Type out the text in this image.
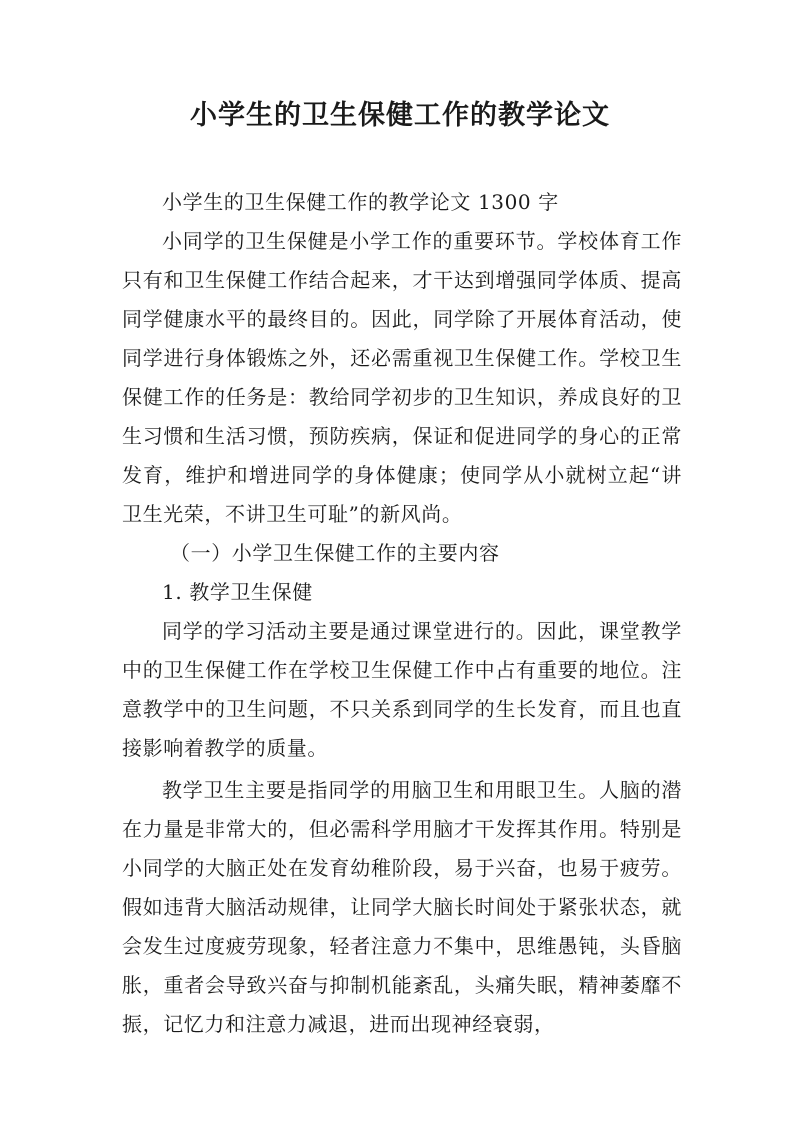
小学生的卫生保健工作的教学论文

小学生的卫生保健工作的教学论文 1300 字

小同学的卫生保健是小学工作的重要环节。学校体育工作只有和卫生保健工作结合起来，才干达到增强同学体质、提高同学健康水平的最终目的。因此，同学除了开展体育活动，使同学进行身体锻炼之外，还必需重视卫生保健工作。学校卫生保健工作的任务是：教给同学初步的卫生知识，养成良好的卫生习惯和生活习惯，预防疾病，保证和促进同学的身心的正常发育，维护和增进同学的身体健康；使同学从小就树立起“讲卫生光荣，不讲卫生可耻”的新风尚。

（一）小学卫生保健工作的主要内容

1. 教学卫生保健

同学的学习活动主要是通过课堂进行的。因此，课堂教学中的卫生保健工作在学校卫生保健工作中占有重要的地位。注意教学中的卫生问题，不只关系到同学的生长发育，而且也直接影响着教学的质量。

教学卫生主要是指同学的用脑卫生和用眼卫生。人脑的潜在力量是非常大的，但必需科学用脑才干发挥其作用。特别是小同学的大脑正处在发育幼稚阶段，易于兴奋，也易于疲劳。假如违背大脑活动规律，让同学大脑长时间处于紧张状态，就会发生过度疲劳现象，轻者注意力不集中，思维愚钝，头昏脑胀，重者会导致兴奋与抑制机能紊乱，头痛失眠，精神萎靡不振，记忆力和注意力减退，进而出现神经衰弱，
